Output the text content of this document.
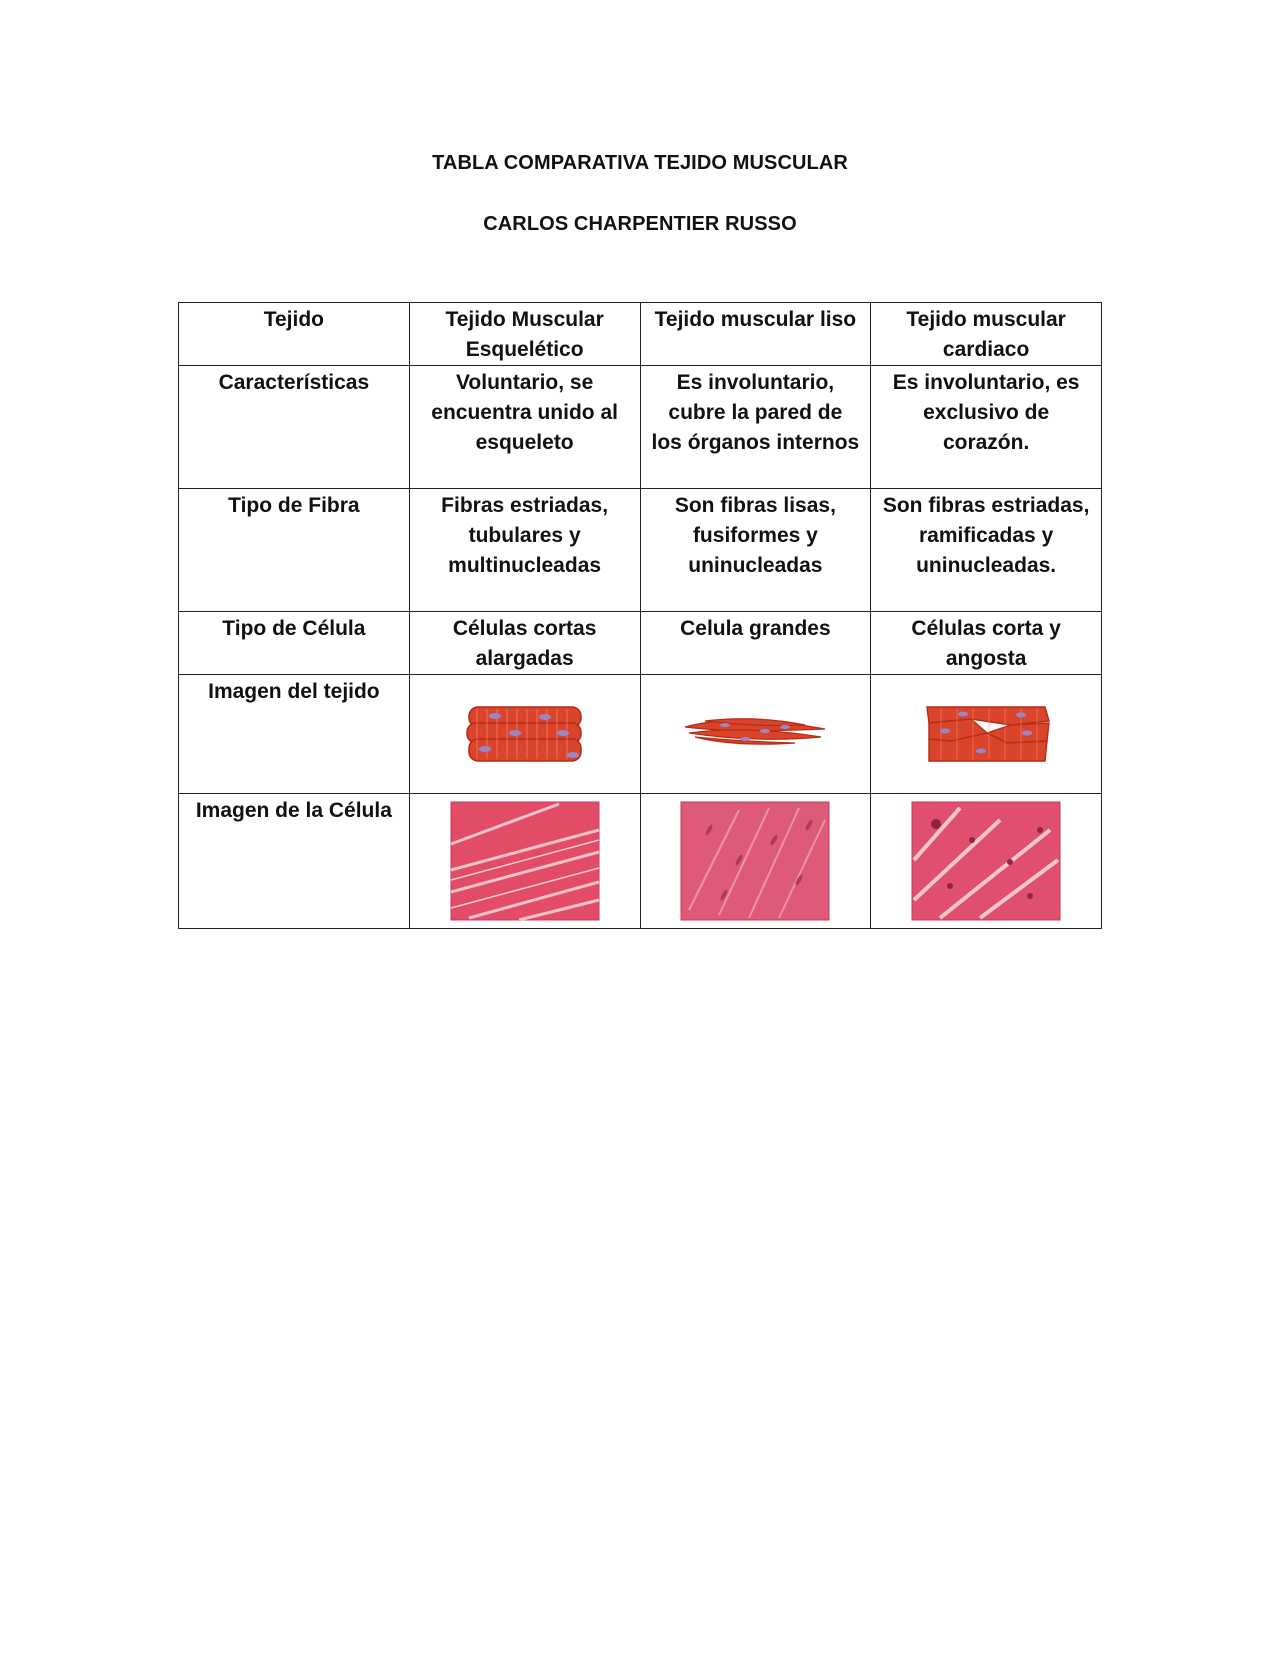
TABLA COMPARATIVA TEJIDO MUSCULAR
CARLOS CHARPENTIER RUSSO
Tejido	Tejido Muscular Esquelético	Tejido muscular liso	Tejido muscular cardiaco
Características	Voluntario, se encuentra unido al esqueleto	Es involuntario, cubre la pared de los órganos internos	Es involuntario, es exclusivo de corazón.
Tipo de Fibra	Fibras estriadas, tubulares y multinucleadas	Son fibras lisas, fusiformes y uninucleadas	Son fibras estriadas, ramificadas y uninucleadas.
Tipo de Célula	Células cortas alargadas	Celula grandes	Células corta y angosta
Imagen del tejido	

Imagen de la Célula	
